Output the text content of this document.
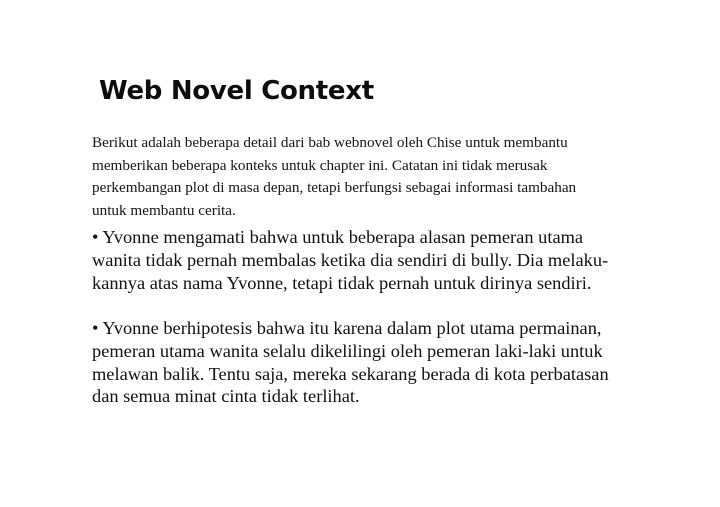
Web Novel Context

Berikut adalah beberapa detail dari bab webnovel oleh Chise untuk membantu
memberikan beberapa konteks untuk chapter ini. Catatan ini tidak merusak
perkembangan plot di masa depan, tetapi berfungsi sebagai informasi tambahan
untuk membantu cerita.

• Yvonne mengamati bahwa untuk beberapa alasan pemeran utama
wanita tidak pernah membalas ketika dia sendiri di bully. Dia melaku-
kannya atas nama Yvonne, tetapi tidak pernah untuk dirinya sendiri.

• Yvonne berhipotesis bahwa itu karena dalam plot utama permainan,
pemeran utama wanita selalu dikelilingi oleh pemeran laki-laki untuk
melawan balik. Tentu saja, mereka sekarang berada di kota perbatasan
dan semua minat cinta tidak terlihat.
